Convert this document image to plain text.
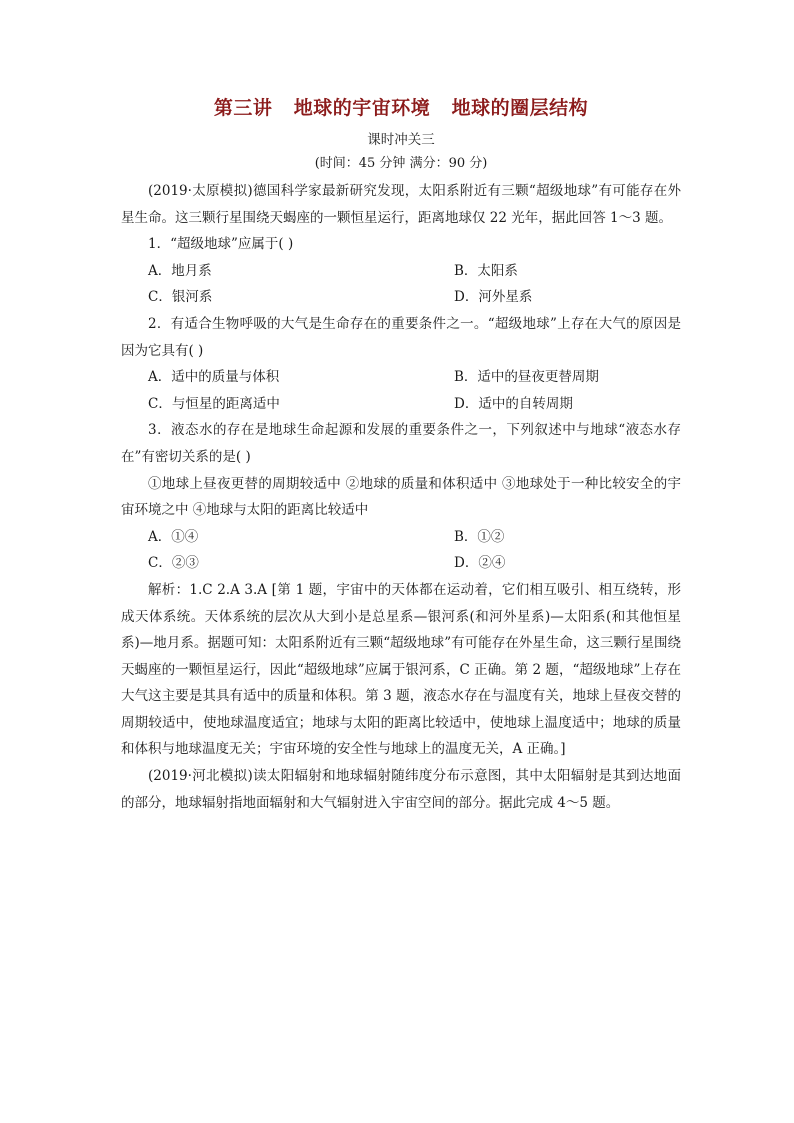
第三讲   地球的宇宙环境   地球的圈层结构
课时冲关三
(时间：45 分钟 满分：90 分)

(2019·太原模拟)德国科学家最新研究发现，太阳系附近有三颗“超级地球”有可能存在外星生命。这三颗行星围绕天蝎座的一颗恒星运行，距离地球仅 22 光年，据此回答 1～3 题。

1．“超级地球”应属于( )

A．地月系	B．太阳系
C．银河系	D．河外星系

2．有适合生物呼吸的大气是生命存在的重要条件之一。“超级地球”上存在大气的原因是因为它具有( )

A．适中的质量与体积	B．适中的昼夜更替周期
C．与恒星的距离适中	D．适中的自转周期

3．液态水的存在是地球生命起源和发展的重要条件之一，下列叙述中与地球“液态水存在”有密切关系的是( )

①地球上昼夜更替的周期较适中 ②地球的质量和体积适中 ③地球处于一种比较安全的宇宙环境之中 ④地球与太阳的距离比较适中

A．①④	B．①②
C．②③	D．②④

解析：1.C 2.A 3.A [第 1 题，宇宙中的天体都在运动着，它们相互吸引、相互绕转，形成天体系统。天体系统的层次从大到小是总星系—银河系(和河外星系)—太阳系(和其他恒星系)—地月系。据题可知：太阳系附近有三颗“超级地球”有可能存在外星生命，这三颗行星围绕天蝎座的一颗恒星运行，因此“超级地球”应属于银河系，C 正确。第 2 题，“超级地球”上存在大气这主要是其具有适中的质量和体积。第 3 题，液态水存在与温度有关，地球上昼夜交替的周期较适中，使地球温度适宜；地球与太阳的距离比较适中，使地球上温度适中；地球的质量和体积与地球温度无关；宇宙环境的安全性与地球上的温度无关，A 正确。]

(2019·河北模拟)读太阳辐射和地球辐射随纬度分布示意图，其中太阳辐射是其到达地面的部分，地球辐射指地面辐射和大气辐射进入宇宙空间的部分。据此完成 4～5 题。
